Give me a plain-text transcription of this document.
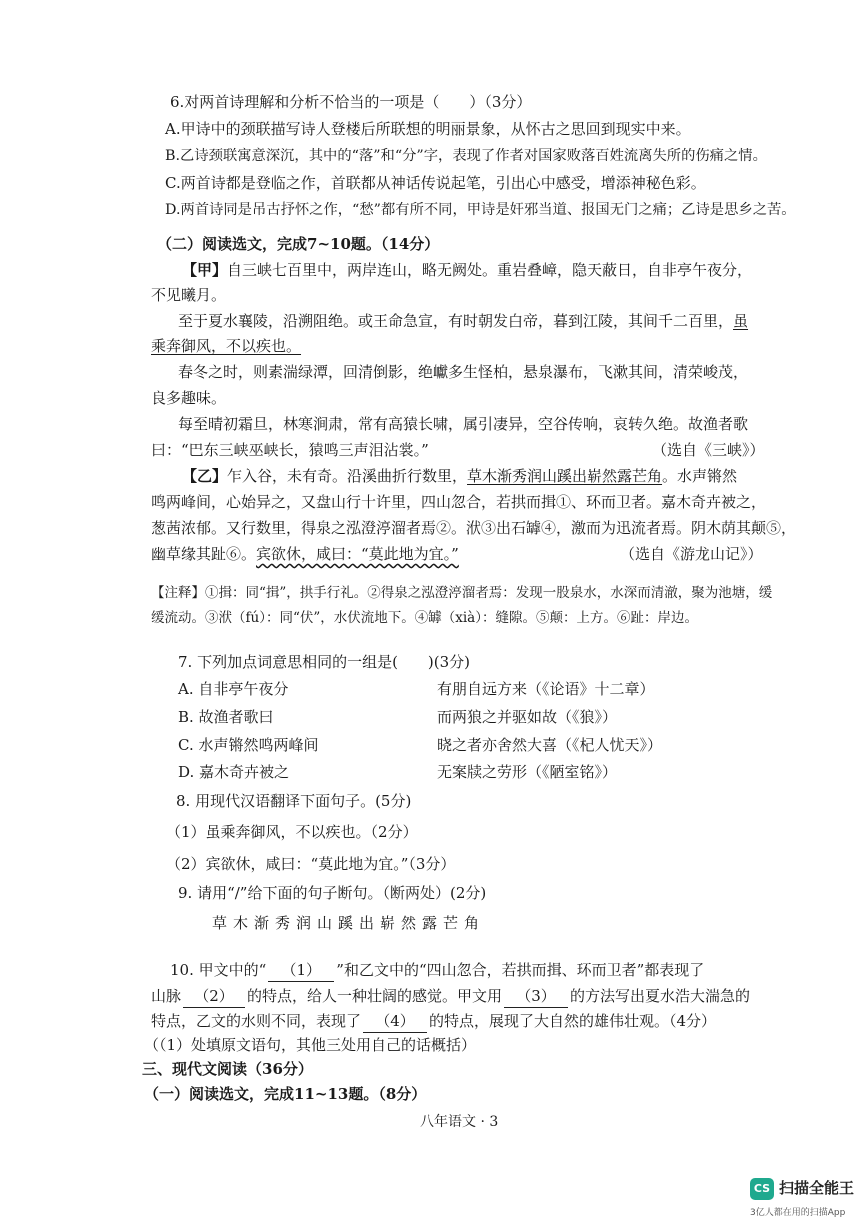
6.对两首诗理解和分析不恰当的一项是（　　）（3分）
A.甲诗中的颈联描写诗人登楼后所联想的明丽景象，从怀古之思回到现实中来。
B.乙诗颈联寓意深沉，其中的“落”和“分”字，表现了作者对国家败落百姓流离失所的伤痛之情。
C.两首诗都是登临之作，首联都从神话传说起笔，引出心中感受，增添神秘色彩。
D.两首诗同是吊古抒怀之作，“愁”都有所不同，甲诗是奸邪当道、报国无门之痛；乙诗是思乡之苦。
（二）阅读选文，完成7~10题。（14分）
【甲】自三峡七百里中，两岸连山，略无阙处。重岩叠嶂，隐天蔽日，自非亭午夜分，
不见曦月。
至于夏水襄陵，沿溯阻绝。或王命急宣，有时朝发白帝，暮到江陵，其间千二百里，虽
乘奔御风，不以疾也。
春冬之时，则素湍绿潭，回清倒影，绝巘多生怪柏，悬泉瀑布，飞漱其间，清荣峻茂，
良多趣味。
每至晴初霜旦，林寒涧肃，常有高猿长啸，属引凄异，空谷传响，哀转久绝。故渔者歌
曰：“巴东三峡巫峡长，猿鸣三声泪沾裳。”	（选自《三峡》）
【乙】乍入谷，未有奇。沿溪曲折行数里，草木渐秀润山蹊出崭然露芒角。水声锵然
鸣两峰间，心始异之，又盘山行十许里，四山忽合，若拱而揖①、环而卫者。嘉木奇卉被之，
葱茜浓郁。又行数里，得泉之泓澄渟溜者焉②。洑③出石罅④，激而为迅流者焉。阴木荫其颠⑤，
幽草缘其趾⑥。宾欲休，咸曰：“莫此地为宜。”	（选自《游龙山记》）
【注释】①揖：同“揖”，拱手行礼。②得泉之泓澄渟溜者焉：发现一股泉水，水深而清澈，聚为池塘，缓
缓流动。③洑（fú）：同“伏”，水伏流地下。④罅（xià）：缝隙。⑤颠：上方。⑥趾：岸边。
7. 下列加点词意思相同的一组是(　　)(3分)
A. 自非亭午夜分	有朋自远方来（《论语》十二章）
B. 故渔者歌曰	而两狼之并驱如故（《狼》）
C. 水声锵然鸣两峰间	晓之者亦舍然大喜（《杞人忧天》）
D. 嘉木奇卉被之	无案牍之劳形（《陋室铭》）
8. 用现代汉语翻译下面句子。(5分)
（1）虽乘奔御风，不以疾也。（2分）
（2）宾欲休，咸曰：“莫此地为宜。”（3分）
9. 请用“/”给下面的句子断句。（断两处）(2分)
草木渐秀润山蹊出崭然露芒角
10. 甲文中的“ （1） ”和乙文中的“四山忽合，若拱而揖、环而卫者”都表现了
山脉 （2） 的特点，给人一种壮阔的感觉。甲文用 （3） 的方法写出夏水浩大湍急的
特点，乙文的水则不同，表现了 （4） 的特点，展现了大自然的雄伟壮观。（4分）
（（1）处填原文语句，其他三处用自己的话概括）
三、现代文阅读（36分）
（一）阅读选文，完成11~13题。（8分）
八年语文 · 3
CS 扫描全能王
3亿人都在用的扫描App
